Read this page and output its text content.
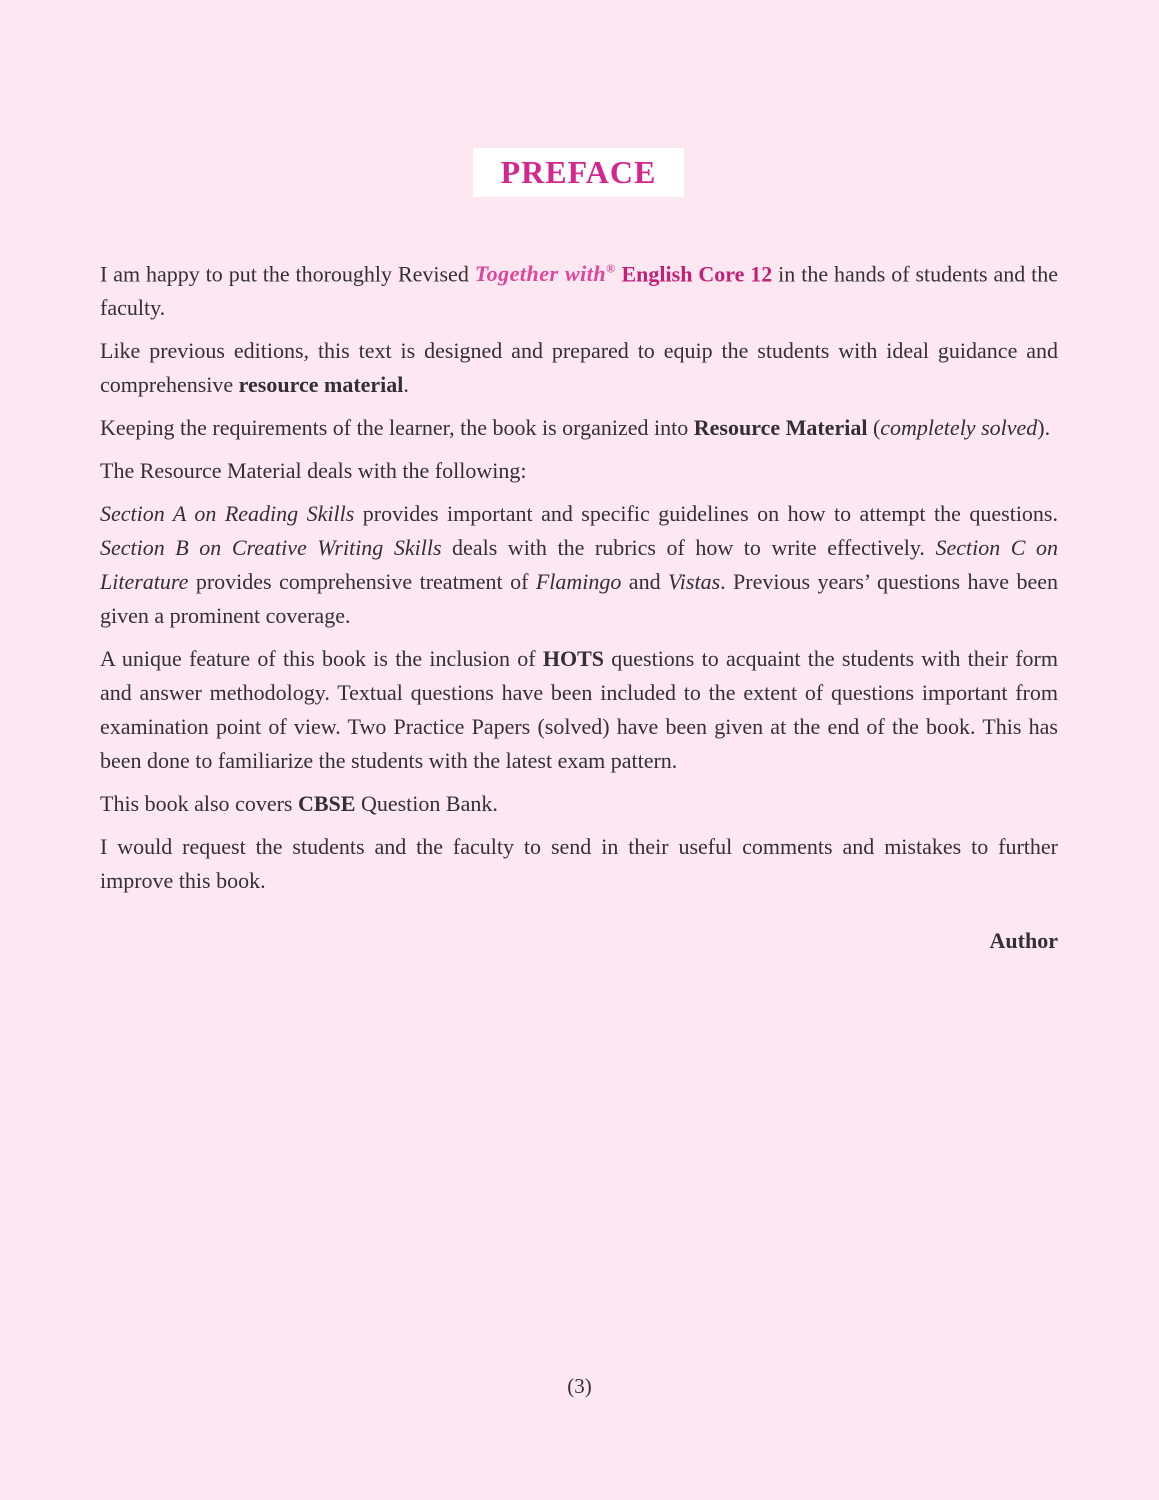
PREFACE

I am happy to put the thoroughly Revised Together with® English Core 12 in the hands of students and the faculty.

Like previous editions, this text is designed and prepared to equip the students with ideal guidance and comprehensive resource material.

Keeping the requirements of the learner, the book is organized into Resource Material (completely solved).

The Resource Material deals with the following:

Section A on Reading Skills provides important and specific guidelines on how to attempt the questions. Section B on Creative Writing Skills deals with the rubrics of how to write effectively. Section C on Literature provides comprehensive treatment of Flamingo and Vistas. Previous years’ questions have been given a prominent coverage.

A unique feature of this book is the inclusion of HOTS questions to acquaint the students with their form and answer methodology. Textual questions have been included to the extent of questions important from examination point of view. Two Practice Papers (solved) have been given at the end of the book. This has been done to familiarize the students with the latest exam pattern.

This book also covers CBSE Question Bank.

I would request the students and the faculty to send in their useful comments and mistakes to further improve this book.

Author
(3)
